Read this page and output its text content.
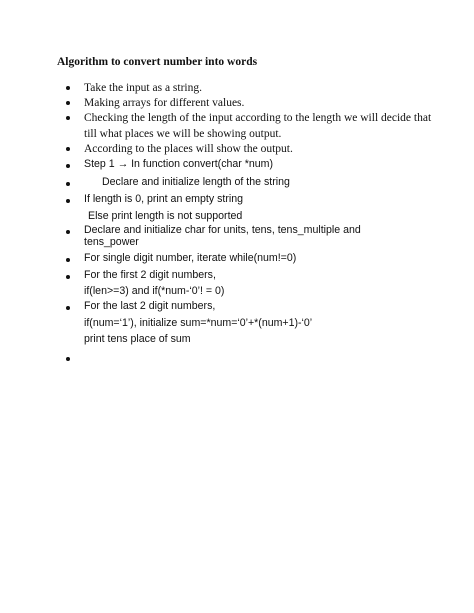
Algorithm to convert number into words
Take the input as a string.
Making arrays for different values.
Checking the length of the input according to the length we will decide that
till what places we will be showing output.
According to the places will show the output.
Step 1 → In function convert(char *num)
Declare and initialize length of the string
If length is 0, print an empty string
Else print length is not supported
Declare and initialize char for units, tens, tens_multiple and
tens_power
For single digit number, iterate while(num!=0)
For the first 2 digit numbers,
if(len>=3) and if(*num-‘0’! = 0)
For the last 2 digit numbers,
if(num=‘1’), initialize sum=*num=‘0’+*(num+1)-‘0’
print tens place of sum
